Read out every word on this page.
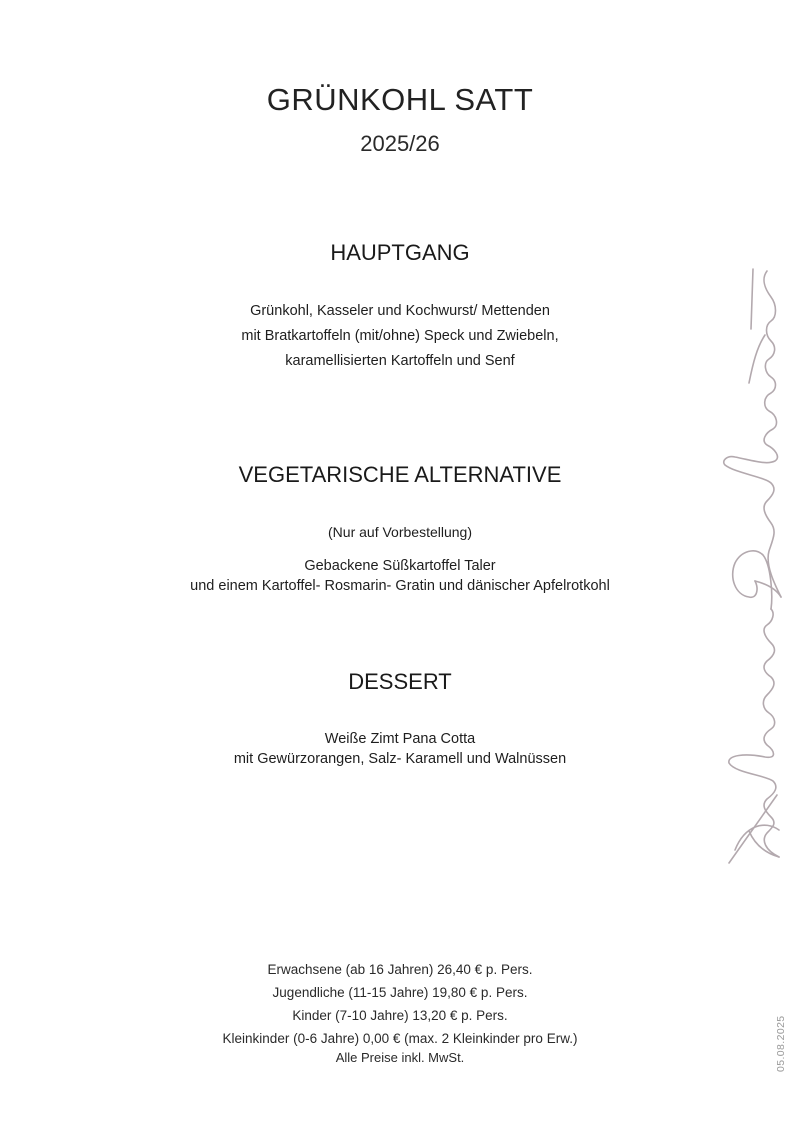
GRÜNKOHL SATT
2025/26
HAUPTGANG
Grünkohl, Kasseler und Kochwurst/ Mettenden
mit Bratkartoffeln (mit/ohne) Speck und Zwiebeln,
karamellisierten Kartoffeln und Senf
VEGETARISCHE ALTERNATIVE
(Nur auf Vorbestellung)
Gebackene Süßkartoffel Taler
und einem Kartoffel- Rosmarin- Gratin und dänischer Apfelrotkohl
DESSERT
Weiße Zimt Pana Cotta
mit Gewürzorangen, Salz- Karamell und Walnüssen
Erwachsene (ab 16 Jahren) 26,40 € p. Pers.
Jugendliche (11-15 Jahre) 19,80 € p. Pers.
Kinder (7-10 Jahre) 13,20 € p. Pers.
Kleinkinder (0-6 Jahre) 0,00 € (max. 2 Kleinkinder pro Erw.)
Alle Preise inkl. MwSt.	05.08.2025
